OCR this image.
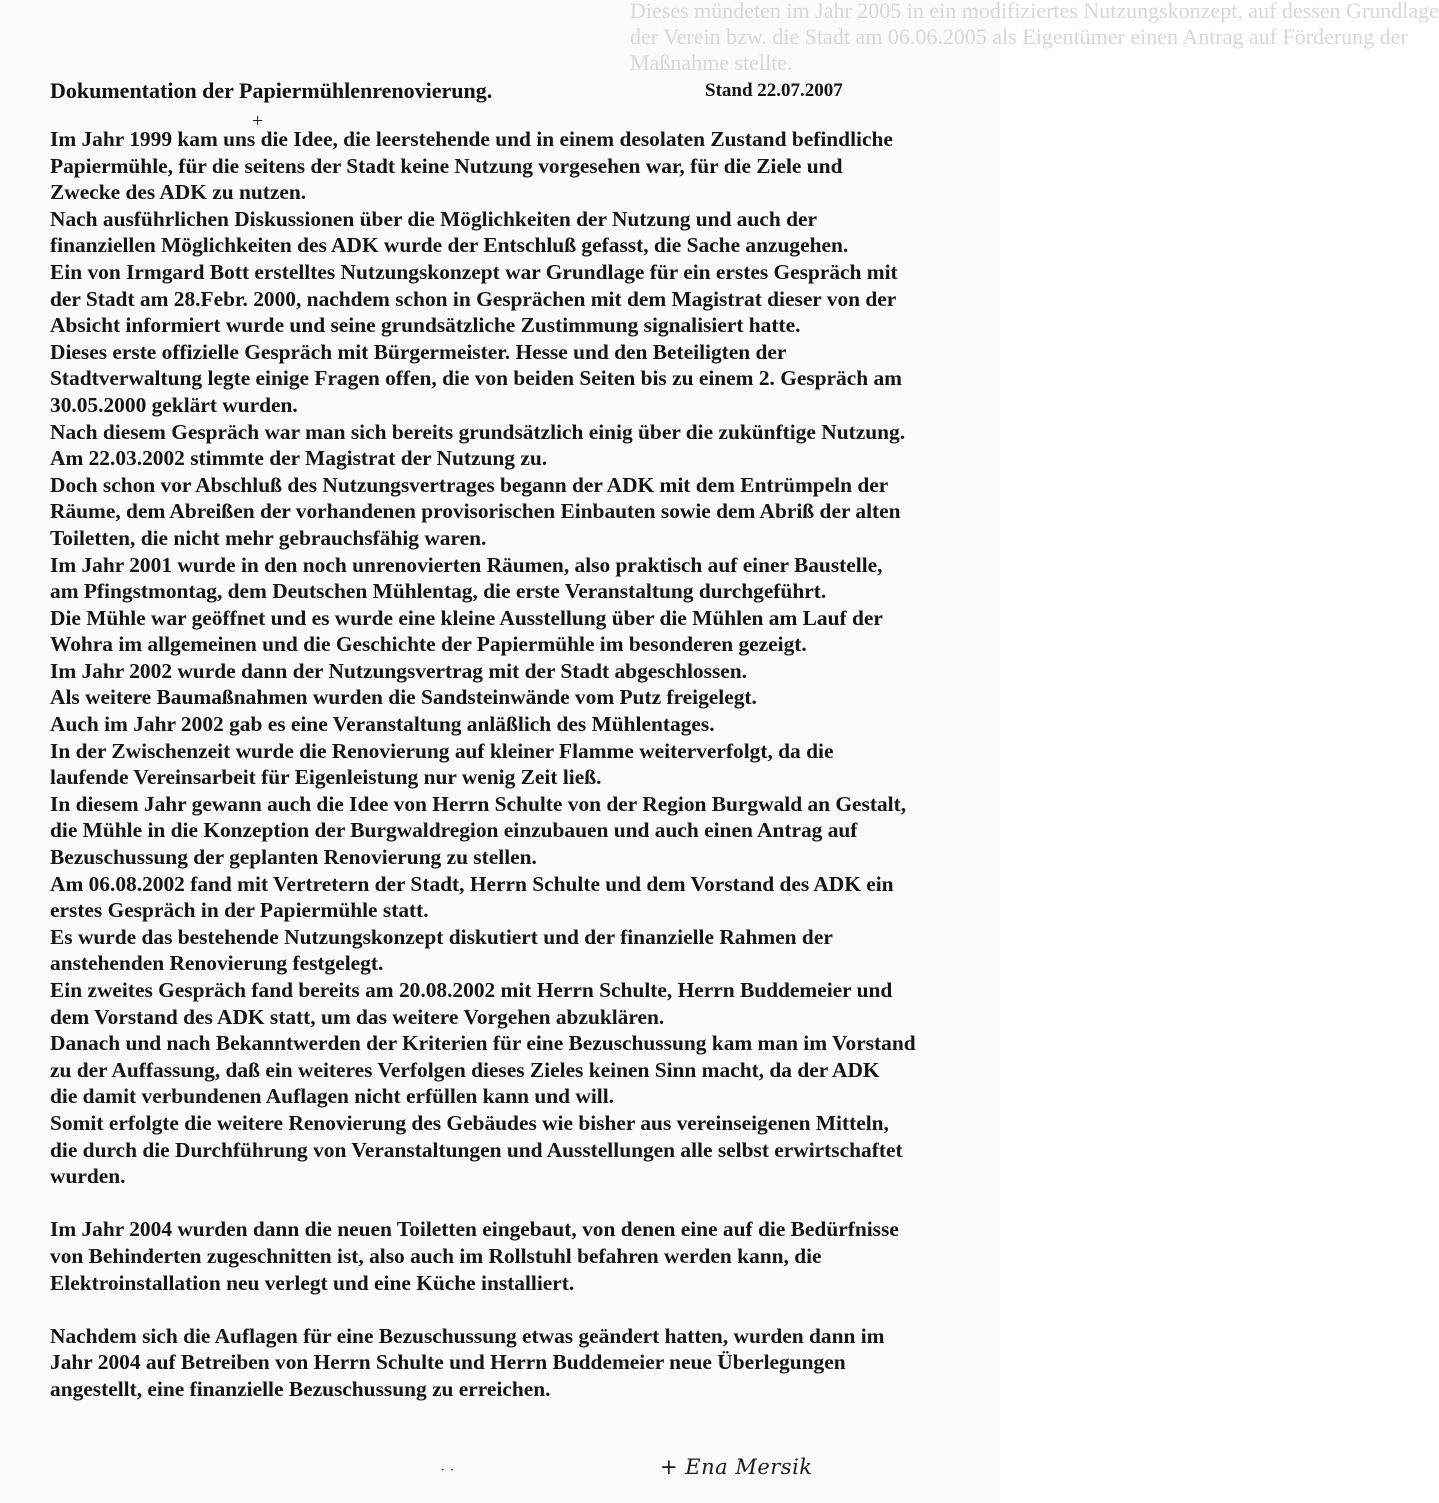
Dieses mündeten im Jahr 2005 in ein modifiziertes Nutzungskonzept, auf dessen Grundlage
der Verein bzw. die Stadt am 06.06.2005 als Eigentümer einen Antrag auf Förderung der
Maßnahme stellte.
Dokumentation der Papiermühlenrenovierung.	Stand 22.07.2007
+
Im Jahr 1999 kam uns die Idee, die leerstehende und in einem desolaten Zustand befindliche
Papiermühle, für die seitens der Stadt keine Nutzung vorgesehen war, für die Ziele und
Zwecke des ADK zu nutzen.
Nach ausführlichen Diskussionen über die Möglichkeiten der Nutzung und auch der
finanziellen Möglichkeiten des ADK wurde der Entschluß gefasst, die Sache anzugehen.
Ein von Irmgard Bott erstelltes Nutzungskonzept war Grundlage für ein erstes Gespräch mit
der Stadt am 28.Febr. 2000, nachdem schon in Gesprächen mit dem Magistrat dieser von der
Absicht informiert wurde und seine grundsätzliche Zustimmung signalisiert hatte.
Dieses erste offizielle Gespräch mit Bürgermeister. Hesse und den Beteiligten der
Stadtverwaltung legte einige Fragen offen, die von beiden Seiten bis zu einem 2. Gespräch am
30.05.2000 geklärt wurden.
Nach diesem Gespräch war man sich bereits grundsätzlich einig über die zukünftige Nutzung.
Am 22.03.2002 stimmte der Magistrat der Nutzung zu.
Doch schon vor Abschluß des Nutzungsvertrages begann der ADK mit dem Entrümpeln der
Räume, dem Abreißen der vorhandenen provisorischen Einbauten sowie dem Abriß der alten
Toiletten, die nicht mehr gebrauchsfähig waren.
Im Jahr 2001 wurde in den noch unrenovierten Räumen, also praktisch auf einer Baustelle,
am Pfingstmontag, dem Deutschen Mühlentag, die erste Veranstaltung durchgeführt.
Die Mühle war geöffnet und es wurde eine kleine Ausstellung über die Mühlen am Lauf der
Wohra im allgemeinen und die Geschichte der Papiermühle im besonderen gezeigt.
Im Jahr 2002 wurde dann der Nutzungsvertrag mit der Stadt abgeschlossen.
Als weitere Baumaßnahmen wurden die Sandsteinwände vom Putz freigelegt.
Auch im Jahr 2002 gab es eine Veranstaltung anläßlich des Mühlentages.
In der Zwischenzeit wurde die Renovierung auf kleiner Flamme weiterverfolgt, da die
laufende Vereinsarbeit für Eigenleistung nur wenig Zeit ließ.
In diesem Jahr gewann auch die Idee von Herrn Schulte von der Region Burgwald an Gestalt,
die Mühle in die Konzeption der Burgwaldregion einzubauen und auch einen Antrag auf
Bezuschussung der geplanten Renovierung zu stellen.
Am 06.08.2002 fand mit Vertretern der Stadt, Herrn Schulte und dem Vorstand des ADK ein
erstes Gespräch in der Papiermühle statt.
Es wurde das bestehende Nutzungskonzept diskutiert und der finanzielle Rahmen der
anstehenden Renovierung festgelegt.
Ein zweites Gespräch fand bereits am 20.08.2002 mit Herrn Schulte, Herrn Buddemeier und
dem Vorstand des ADK statt, um das weitere Vorgehen abzuklären.
Danach und nach Bekanntwerden der Kriterien für eine Bezuschussung kam man im Vorstand
zu der Auffassung, daß ein weiteres Verfolgen dieses Zieles keinen Sinn macht, da der ADK
die damit verbundenen Auflagen nicht erfüllen kann und will.
Somit erfolgte die weitere Renovierung des Gebäudes wie bisher aus vereinseigenen Mitteln,
die durch die Durchführung von Veranstaltungen und Ausstellungen alle selbst erwirtschaftet
wurden.
Im Jahr 2004 wurden dann die neuen Toiletten eingebaut, von denen eine auf die Bedürfnisse
von Behinderten zugeschnitten ist, also auch im Rollstuhl befahren werden kann, die
Elektroinstallation neu verlegt und eine Küche installiert.
Nachdem sich die Auflagen für eine Bezuschussung etwas geändert hatten, wurden dann im
Jahr 2004 auf Betreiben von Herrn Schulte und Herrn Buddemeier neue Überlegungen
angestellt, eine finanzielle Bezuschussung zu erreichen.
· ·	+ Ena Mersik
